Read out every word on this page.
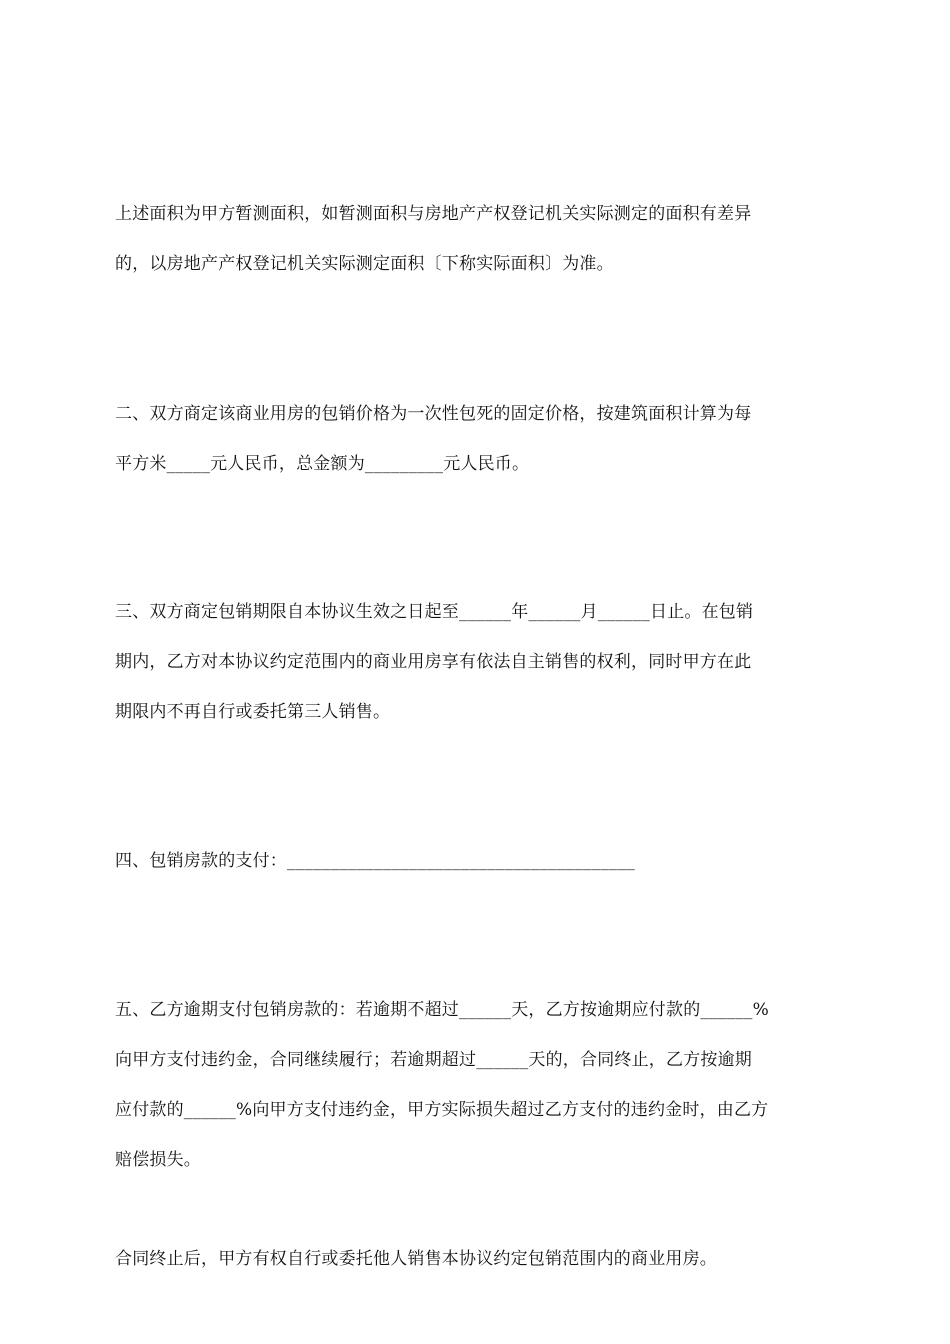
上述面积为甲方暂测面积，如暂测面积与房地产产权登记机关实际测定的面积有差异
的，以房地产产权登记机关实际测定面积〔下称实际面积〕为准。
二、双方商定该商业用房的包销价格为一次性包死的固定价格，按建筑面积计算为每
平方米_____元人民币，总金额为_________元人民币。
三、双方商定包销期限自本协议生效之日起至______年______月______日止。在包销
期内，乙方对本协议约定范围内的商业用房享有依法自主销售的权利，同时甲方在此
期限内不再自行或委托第三人销售。
四、包销房款的支付：________________________________________
五、乙方逾期支付包销房款的：若逾期不超过______天，乙方按逾期应付款的______%
向甲方支付违约金，合同继续履行；若逾期超过______天的，合同终止，乙方按逾期
应付款的______%向甲方支付违约金，甲方实际损失超过乙方支付的违约金时，由乙方
赔偿损失。
合同终止后，甲方有权自行或委托他人销售本协议约定包销范围内的商业用房。
